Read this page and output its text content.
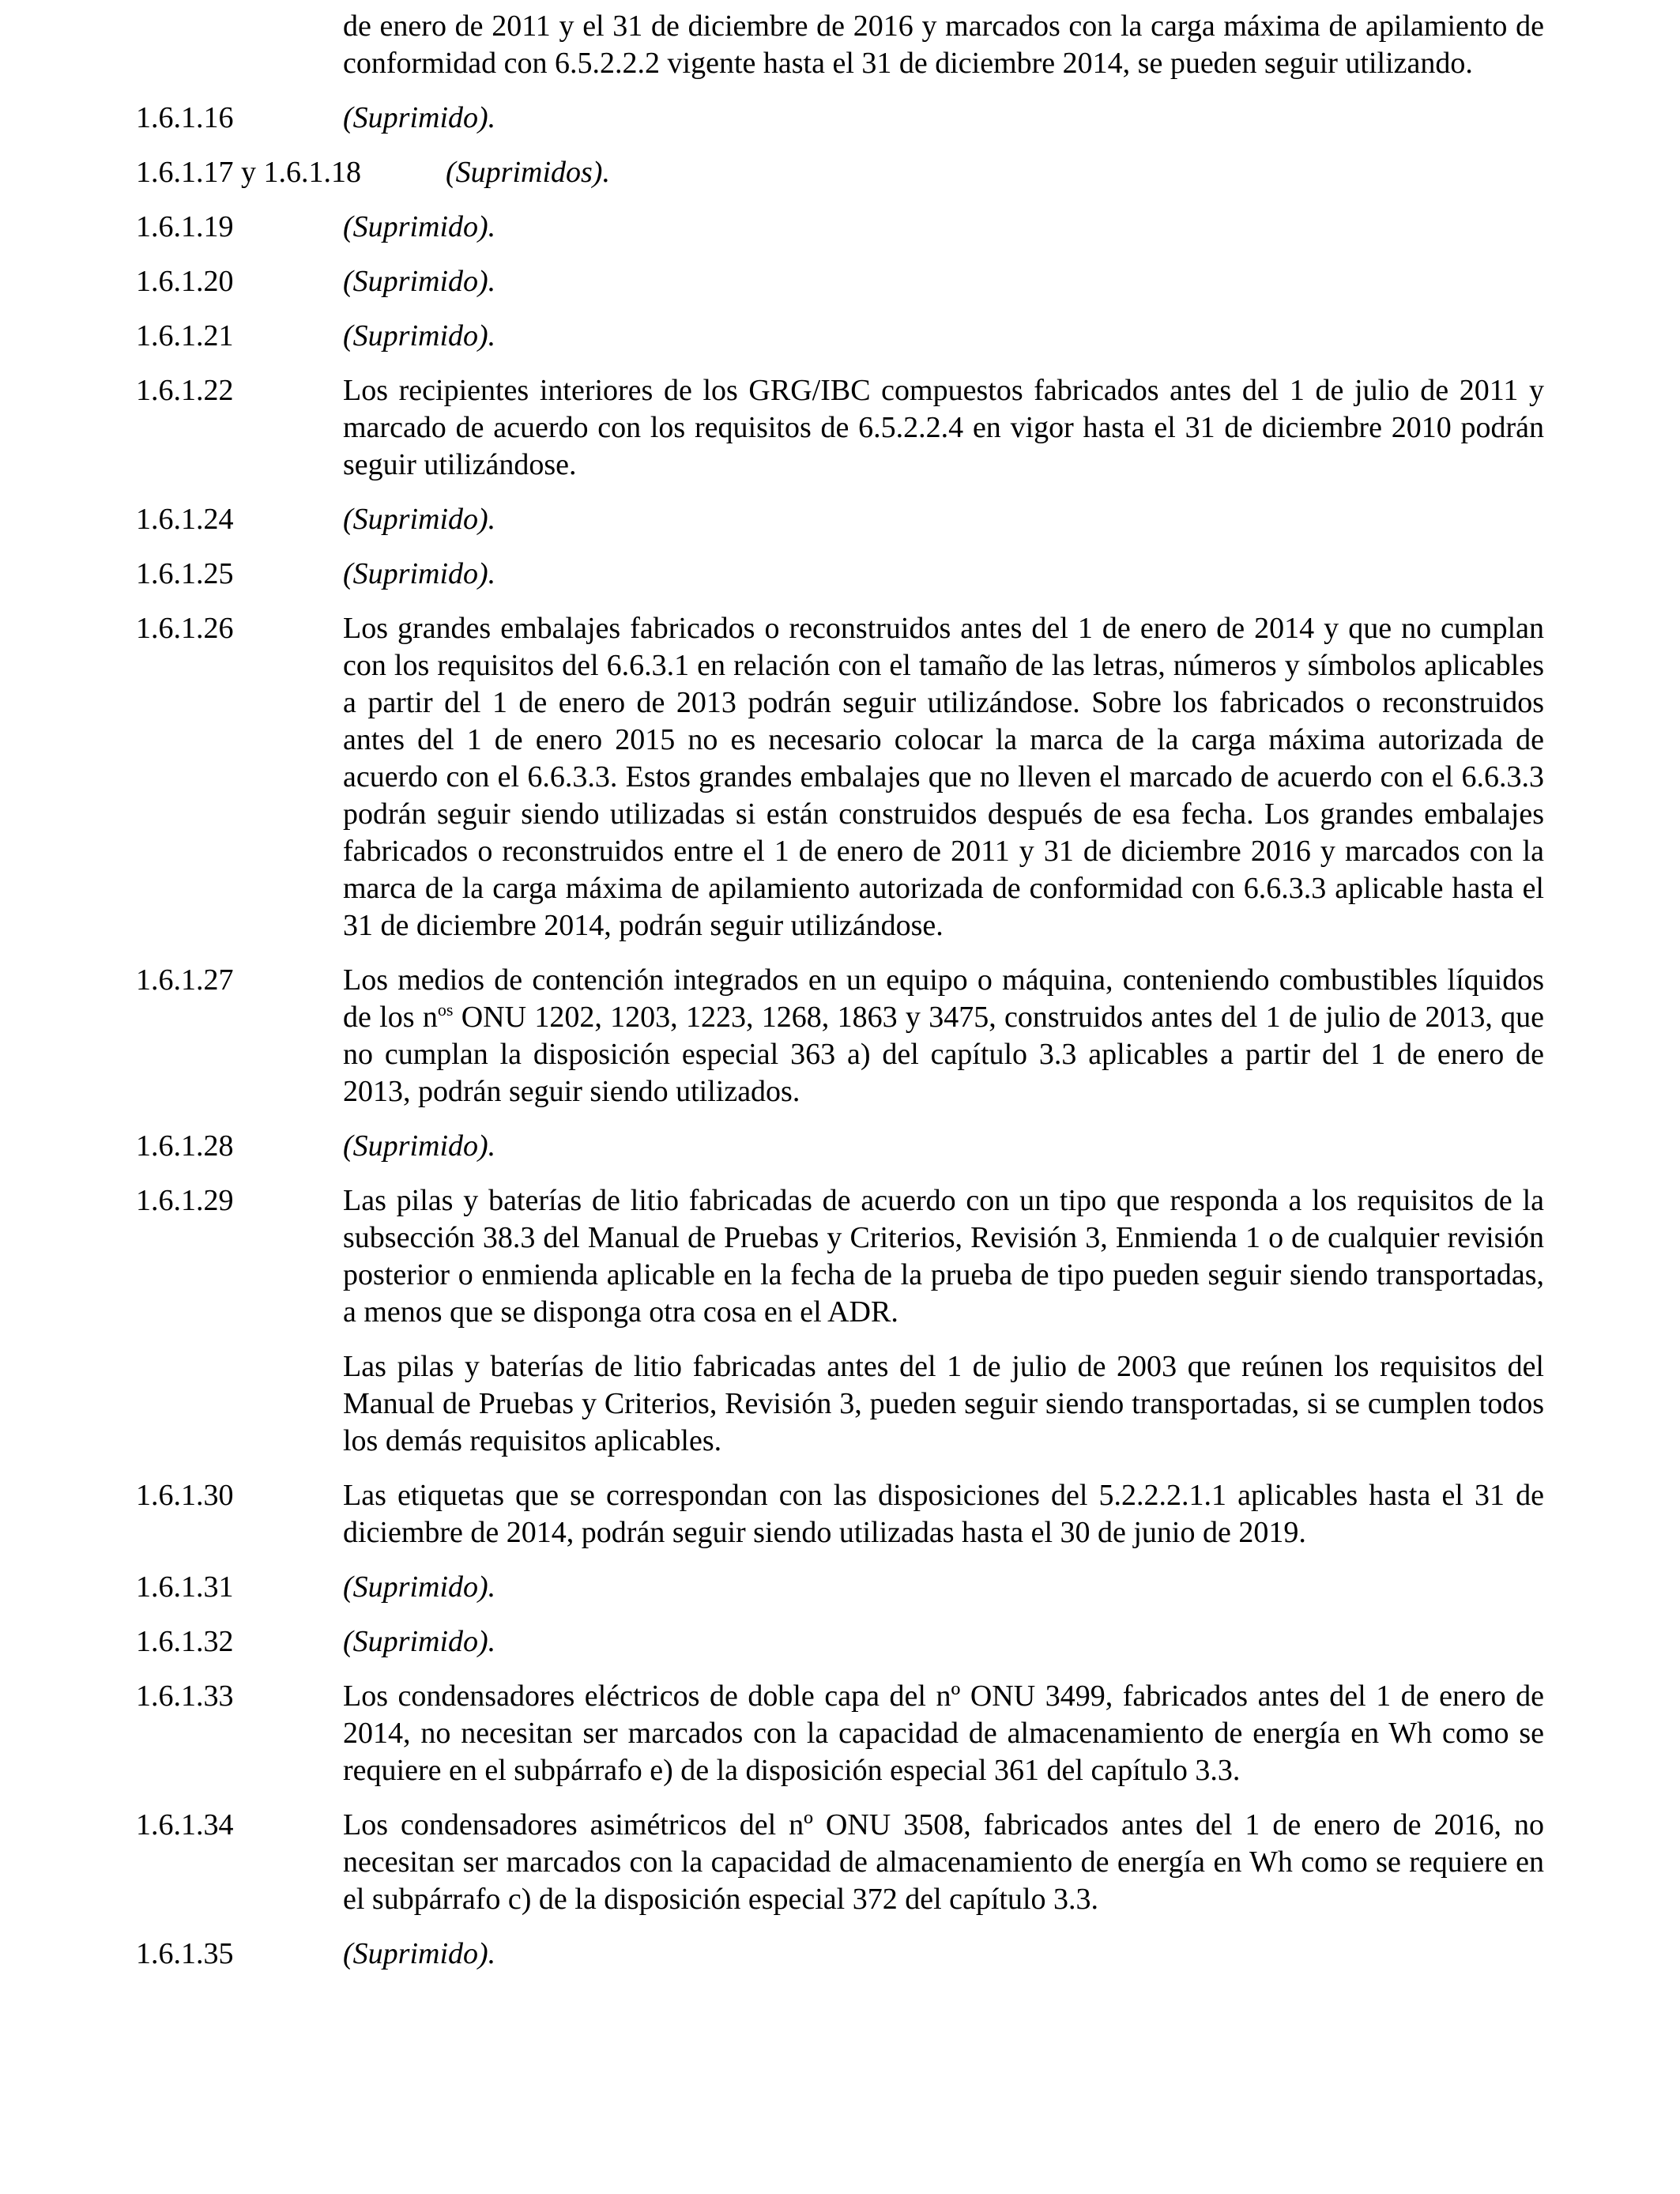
de enero de 2011 y el 31 de diciembre de 2016 y marcados con la carga máxima de apilamiento de conformidad con 6.5.2.2.2 vigente hasta el 31 de diciembre 2014, se pueden seguir utilizando.
1.6.1.16	(Suprimido).
1.6.1.17 y 1.6.1.18	(Suprimidos).
1.6.1.19	(Suprimido).
1.6.1.20	(Suprimido).
1.6.1.21	(Suprimido).
1.6.1.22	Los recipientes interiores de los GRG/IBC compuestos fabricados antes del 1 de julio de 2011 y marcado de acuerdo con los requisitos de 6.5.2.2.4 en vigor hasta el 31 de diciembre 2010 podrán seguir utilizándose.
1.6.1.24	(Suprimido).
1.6.1.25	(Suprimido).
1.6.1.26	Los grandes embalajes fabricados o reconstruidos antes del 1 de enero de 2014 y que no cumplan con los requisitos del 6.6.3.1 en relación con el tamaño de las letras, números y símbolos aplicables a partir del 1 de enero de 2013 podrán seguir utilizándose. Sobre los fabricados o reconstruidos antes del 1 de enero 2015 no es necesario colocar la marca de la carga máxima autorizada de acuerdo con el 6.6.3.3. Estos grandes embalajes que no lleven el marcado de acuerdo con el 6.6.3.3 podrán seguir siendo utilizadas si están construidos después de esa fecha. Los grandes embalajes fabricados o reconstruidos entre el 1 de enero de 2011 y 31 de diciembre 2016 y marcados con la marca de la carga máxima de apilamiento autorizada de conformidad con 6.6.3.3 aplicable hasta el 31 de diciembre 2014, podrán seguir utilizándose.
1.6.1.27	Los medios de contención integrados en un equipo o máquina, conteniendo combustibles líquidos de los $n^{os}$ ONU 1202, 1203, 1223, 1268, 1863 y 3475, construidos antes del 1 de julio de 2013, que no cumplan la disposición especial 363 a) del capítulo 3.3 aplicables a partir del 1 de enero de 2013, podrán seguir siendo utilizados.
1.6.1.28	(Suprimido).
1.6.1.29	Las pilas y baterías de litio fabricadas de acuerdo con un tipo que responda a los requisitos de la subsección 38.3 del Manual de Pruebas y Criterios, Revisión 3, Enmienda 1 o de cualquier revisión posterior o enmienda aplicable en la fecha de la prueba de tipo pueden seguir siendo transportadas, a menos que se disponga otra cosa en el ADR.

Las pilas y baterías de litio fabricadas antes del 1 de julio de 2003 que reúnen los requisitos del Manual de Pruebas y Criterios, Revisión 3, pueden seguir siendo transportadas, si se cumplen todos los demás requisitos aplicables.

1.6.1.30	Las etiquetas que se correspondan con las disposiciones del 5.2.2.2.1.1 aplicables hasta el 31 de diciembre de 2014, podrán seguir siendo utilizadas hasta el 30 de junio de 2019.
1.6.1.31	(Suprimido).
1.6.1.32	(Suprimido).
1.6.1.33	Los condensadores eléctricos de doble capa del nº ONU 3499, fabricados antes del 1 de enero de 2014, no necesitan ser marcados con la capacidad de almacenamiento de energía en Wh como se requiere en el subpárrafo e) de la disposición especial 361 del capítulo 3.3.
1.6.1.34	Los condensadores asimétricos del nº ONU 3508, fabricados antes del 1 de enero de 2016, no necesitan ser marcados con la capacidad de almacenamiento de energía en Wh como se requiere en el subpárrafo c) de la disposición especial 372 del capítulo 3.3.
1.6.1.35	(Suprimido).
